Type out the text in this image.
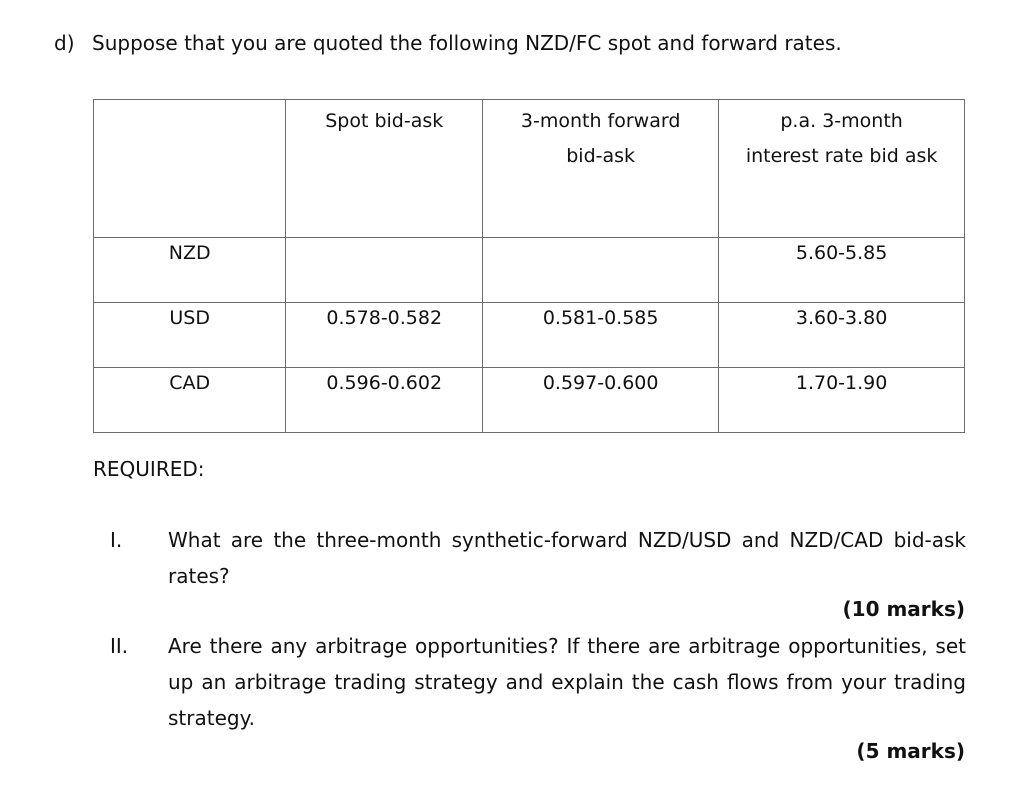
d) Suppose that you are quoted the following NZD/FC spot and forward rates.
	Spot bid-ask	3-month forward bid-ask	p.a. 3-month interest rate bid ask
NZD			5.60-5.85
USD	0.578-0.582	0.581-0.585	3.60-3.80
CAD	0.596-0.602	0.597-0.600	1.70-1.90
REQUIRED:
I. What are the three-month synthetic-forward NZD/USD and NZD/CAD bid-ask rates?
(10 marks)
II. Are there any arbitrage opportunities? If there are arbitrage opportunities, set up an arbitrage trading strategy and explain the cash flows from your trading strategy.
(5 marks)
